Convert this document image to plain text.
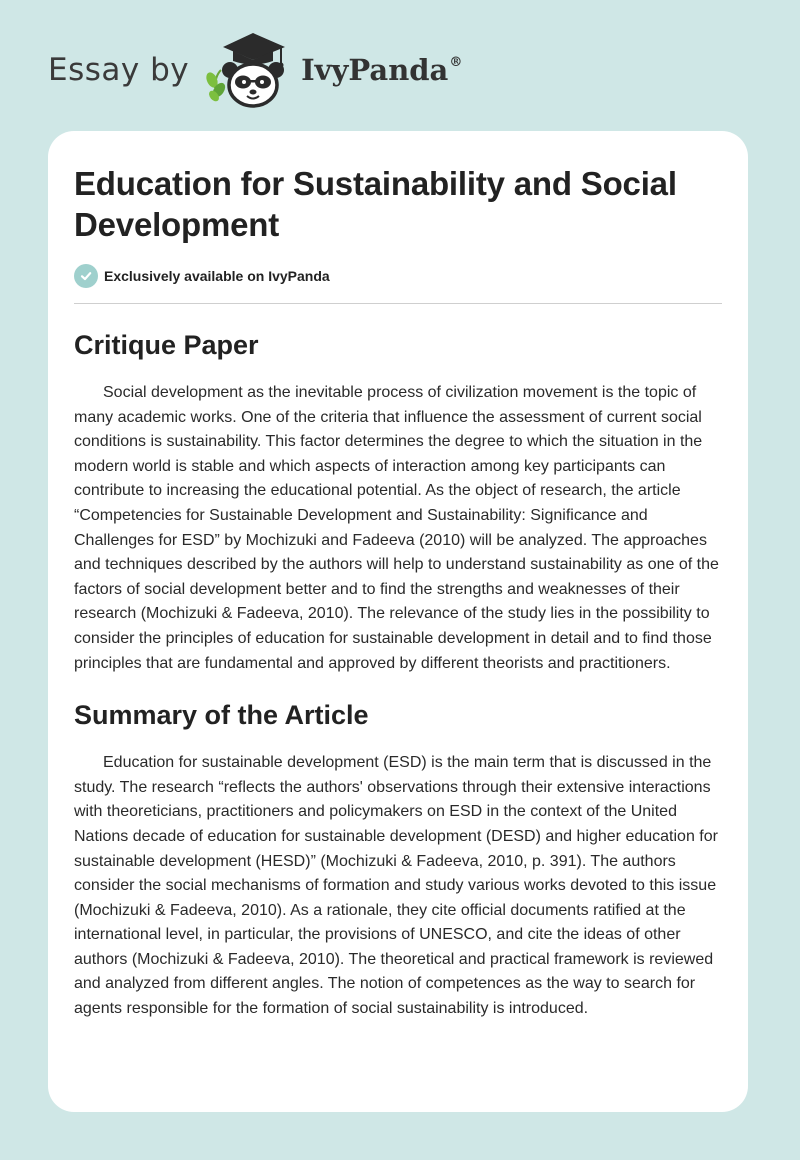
Essay by	IvyPanda®
Education for Sustainability and Social Development
Exclusively available on IvyPanda
Critique Paper

Social development as the inevitable process of civilization movement is the topic of many academic works. One of the criteria that influence the assessment of current social conditions is sustainability. This factor determines the degree to which the situation in the modern world is stable and which aspects of interaction among key participants can contribute to increasing the educational potential. As the object of research, the article “Competencies for Sustainable Development and Sustainability: Significance and Challenges for ESD” by Mochizuki and Fadeeva (2010) will be analyzed. The approaches and techniques described by the authors will help to understand sustainability as one of the factors of social development better and to find the strengths and weaknesses of their research (Mochizuki & Fadeeva, 2010). The relevance of the study lies in the possibility to consider the principles of education for sustainable development in detail and to find those principles that are fundamental and approved by different theorists and practitioners.

Summary of the Article

Education for sustainable development (ESD) is the main term that is discussed in the study. The research “reflects the authors' observations through their extensive interactions with theoreticians, practitioners and policymakers on ESD in the context of the United Nations decade of education for sustainable development (DESD) and higher education for sustainable development (HESD)” (Mochizuki & Fadeeva, 2010, p. 391). The authors consider the social mechanisms of formation and study various works devoted to this issue (Mochizuki & Fadeeva, 2010). As a rationale, they cite official documents ratified at the international level, in particular, the provisions of UNESCO, and cite the ideas of other authors (Mochizuki & Fadeeva, 2010). The theoretical and practical framework is reviewed and analyzed from different angles. The notion of competences as the way to search for agents responsible for the formation of social sustainability is introduced.
